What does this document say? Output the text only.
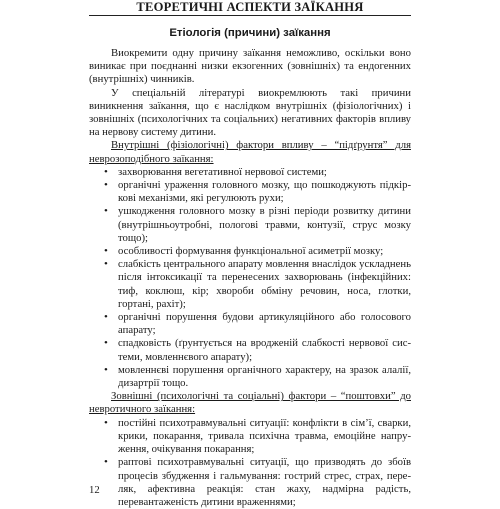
ТЕОРЕТИЧНІ АСПЕКТИ ЗАЇКАННЯ
Етіологія (причини) заїкання

Виокремити одну причину заїкання неможливо, оскільки воно виникає при поєднанні низки екзогенних (зовнішніх) та ендогенних (внутрішніх) чинників.

У спеціальній літературі виокремлюють такі причини виникнення заїкання, що є наслідком внутрішніх (фізіологічних) і зовнішніх (психологічних та соціальних) негативних факторів впливу на нервову систему дитини.

Внутрішні (фізіологічні) фактори впливу – “підґрунтя” для неврозоподібного заїкання:

• захворювання вегетативної нервової системи;
• органічні ураження головного мозку, що пошкоджують підкіркові механізми, які регулюють рухи;
• ушкодження головного мозку в різні періоди розвитку дитини (внутрішньоутробні, пологові травми, контузії, струс мозку тощо);
• особливості формування функціональної асиметрії мозку;
• слабкість центрального апарату мовлення внаслідок ускладнень після інтоксикації та перенесених захворювань (інфекційних: тиф, коклюш, кір; хвороби обміну речовин, носа, глотки, гортані, рахіт);
• органічні порушення будови артикуляційного або голосового апарату;
• спадковість (ґрунтується на вродженій слабкості нервової системи, мовленнєвого апарату);
• мовленнєві порушення органічного характеру, на зразок алалії, дизартрії тощо.

Зовнішні (психологічні та соціальні) фактори – “поштовхи” до невротичного заїкання:

• постійні психотравмувальні ситуації: конфлікти в сім’ї, сварки, крики, покарання, тривала психічна травма, емоційне напруження, очікування покарання;
• раптові психотравмувальні ситуації, що призводять до збоїв процесів збудження і гальмування: гострий стрес, страх, переляк, афективна реакція: стан жаху, надмірна радість, перевантаженість дитини враженнями;
12
